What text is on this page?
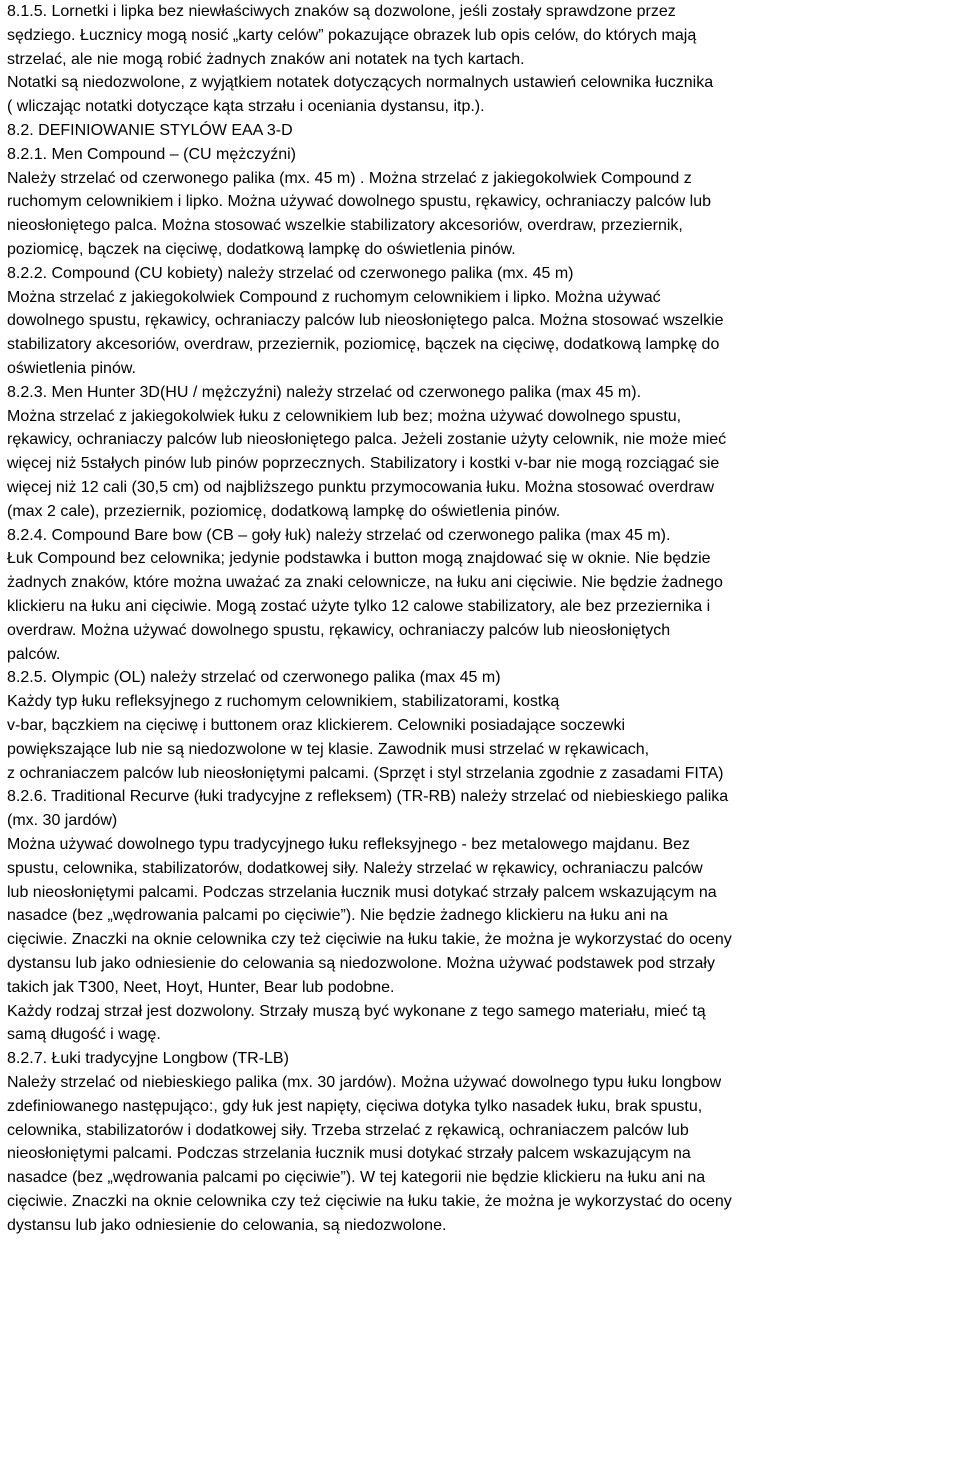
8.1.5. Lornetki i lipka bez niewłaściwych znaków są dozwolone, jeśli zostały sprawdzone przez
sędziego. Łucznicy mogą nosić „karty celów” pokazujące obrazek lub opis celów, do których mają
strzelać, ale nie mogą robić żadnych znaków ani notatek na tych kartach.
Notatki są niedozwolone, z wyjątkiem notatek dotyczących normalnych ustawień celownika łucznika
( wliczając notatki dotyczące kąta strzału i oceniania dystansu, itp.).
8.2. DEFINIOWANIE STYLÓW EAA 3-D
8.2.1. Men Compound – (CU mężczyźni)
Należy strzelać od czerwonego palika (mx. 45 m) . Można strzelać z jakiegokolwiek Compound z
ruchomym celownikiem i lipko. Można używać dowolnego spustu, rękawicy, ochraniaczy palców lub
nieosłoniętego palca. Można stosować wszelkie stabilizatory akcesoriów, overdraw, przeziernik,
poziomicę, bączek na cięciwę, dodatkową lampkę do oświetlenia pinów.
8.2.2. Compound (CU kobiety) należy strzelać od czerwonego palika (mx. 45 m)
Można strzelać z jakiegokolwiek Compound z ruchomym celownikiem i lipko. Można używać
dowolnego spustu, rękawicy, ochraniaczy palców lub nieosłoniętego palca. Można stosować wszelkie
stabilizatory akcesoriów, overdraw, przeziernik, poziomicę, bączek na cięciwę, dodatkową lampkę do
oświetlenia pinów.
8.2.3. Men Hunter 3D(HU / mężczyźni) należy strzelać od czerwonego palika (max 45 m).
Można strzelać z jakiegokolwiek łuku z celownikiem lub bez; można używać dowolnego spustu,
rękawicy, ochraniaczy palców lub nieosłoniętego palca. Jeżeli zostanie użyty celownik, nie może mieć
więcej niż 5stałych pinów lub pinów poprzecznych. Stabilizatory i kostki v-bar nie mogą rozciągać sie
więcej niż 12 cali (30,5 cm) od najbliższego punktu przymocowania łuku. Można stosować overdraw
(max 2 cale), przeziernik, poziomicę, dodatkową lampkę do oświetlenia pinów.
8.2.4. Compound Bare bow (CB – goły łuk) należy strzelać od czerwonego palika (max 45 m).
Łuk Compound bez celownika; jedynie podstawka i button mogą znajdować się w oknie. Nie będzie
żadnych znaków, które można uważać za znaki celownicze, na łuku ani cięciwie. Nie będzie żadnego
klickieru na łuku ani cięciwie. Mogą zostać użyte tylko 12 calowe stabilizatory, ale bez przeziernika i
overdraw. Można używać dowolnego spustu, rękawicy, ochraniaczy palców lub nieosłoniętych
palców.
8.2.5. Olympic (OL) należy strzelać od czerwonego palika (max 45 m)
Każdy typ łuku refleksyjnego z ruchomym celownikiem, stabilizatorami, kostką
v-bar, bączkiem na cięciwę i buttonem oraz klickierem. Celowniki posiadające soczewki
powiększające lub nie są niedozwolone w tej klasie. Zawodnik musi strzelać w rękawicach,
z ochraniaczem palców lub nieosłoniętymi palcami. (Sprzęt i styl strzelania zgodnie z zasadami FITA)
8.2.6. Traditional Recurve (łuki tradycyjne z refleksem) (TR-RB) należy strzelać od niebieskiego palika
(mx. 30 jardów)
Można używać dowolnego typu tradycyjnego łuku refleksyjnego - bez metalowego majdanu. Bez
spustu, celownika, stabilizatorów, dodatkowej siły. Należy strzelać w rękawicy, ochraniaczu palców
lub nieosłoniętymi palcami. Podczas strzelania łucznik musi dotykać strzały palcem wskazującym na
nasadce (bez „wędrowania palcami po cięciwie”). Nie będzie żadnego klickieru na łuku ani na
cięciwie. Znaczki na oknie celownika czy też cięciwie na łuku takie, że można je wykorzystać do oceny
dystansu lub jako odniesienie do celowania są niedozwolone. Można używać podstawek pod strzały
takich jak T300, Neet, Hoyt, Hunter, Bear lub podobne.
Każdy rodzaj strzał jest dozwolony. Strzały muszą być wykonane z tego samego materiału, mieć tą
samą długość i wagę.
8.2.7. Łuki tradycyjne Longbow (TR-LB)
Należy strzelać od niebieskiego palika (mx. 30 jardów). Można używać dowolnego typu łuku longbow
zdefiniowanego następująco:, gdy łuk jest napięty, cięciwa dotyka tylko nasadek łuku, brak spustu,
celownika, stabilizatorów i dodatkowej siły. Trzeba strzelać z rękawicą, ochraniaczem palców lub
nieosłoniętymi palcami. Podczas strzelania łucznik musi dotykać strzały palcem wskazującym na
nasadce (bez „wędrowania palcami po cięciwie”). W tej kategorii nie będzie klickieru na łuku ani na
cięciwie. Znaczki na oknie celownika czy też cięciwie na łuku takie, że można je wykorzystać do oceny
dystansu lub jako odniesienie do celowania, są niedozwolone.
